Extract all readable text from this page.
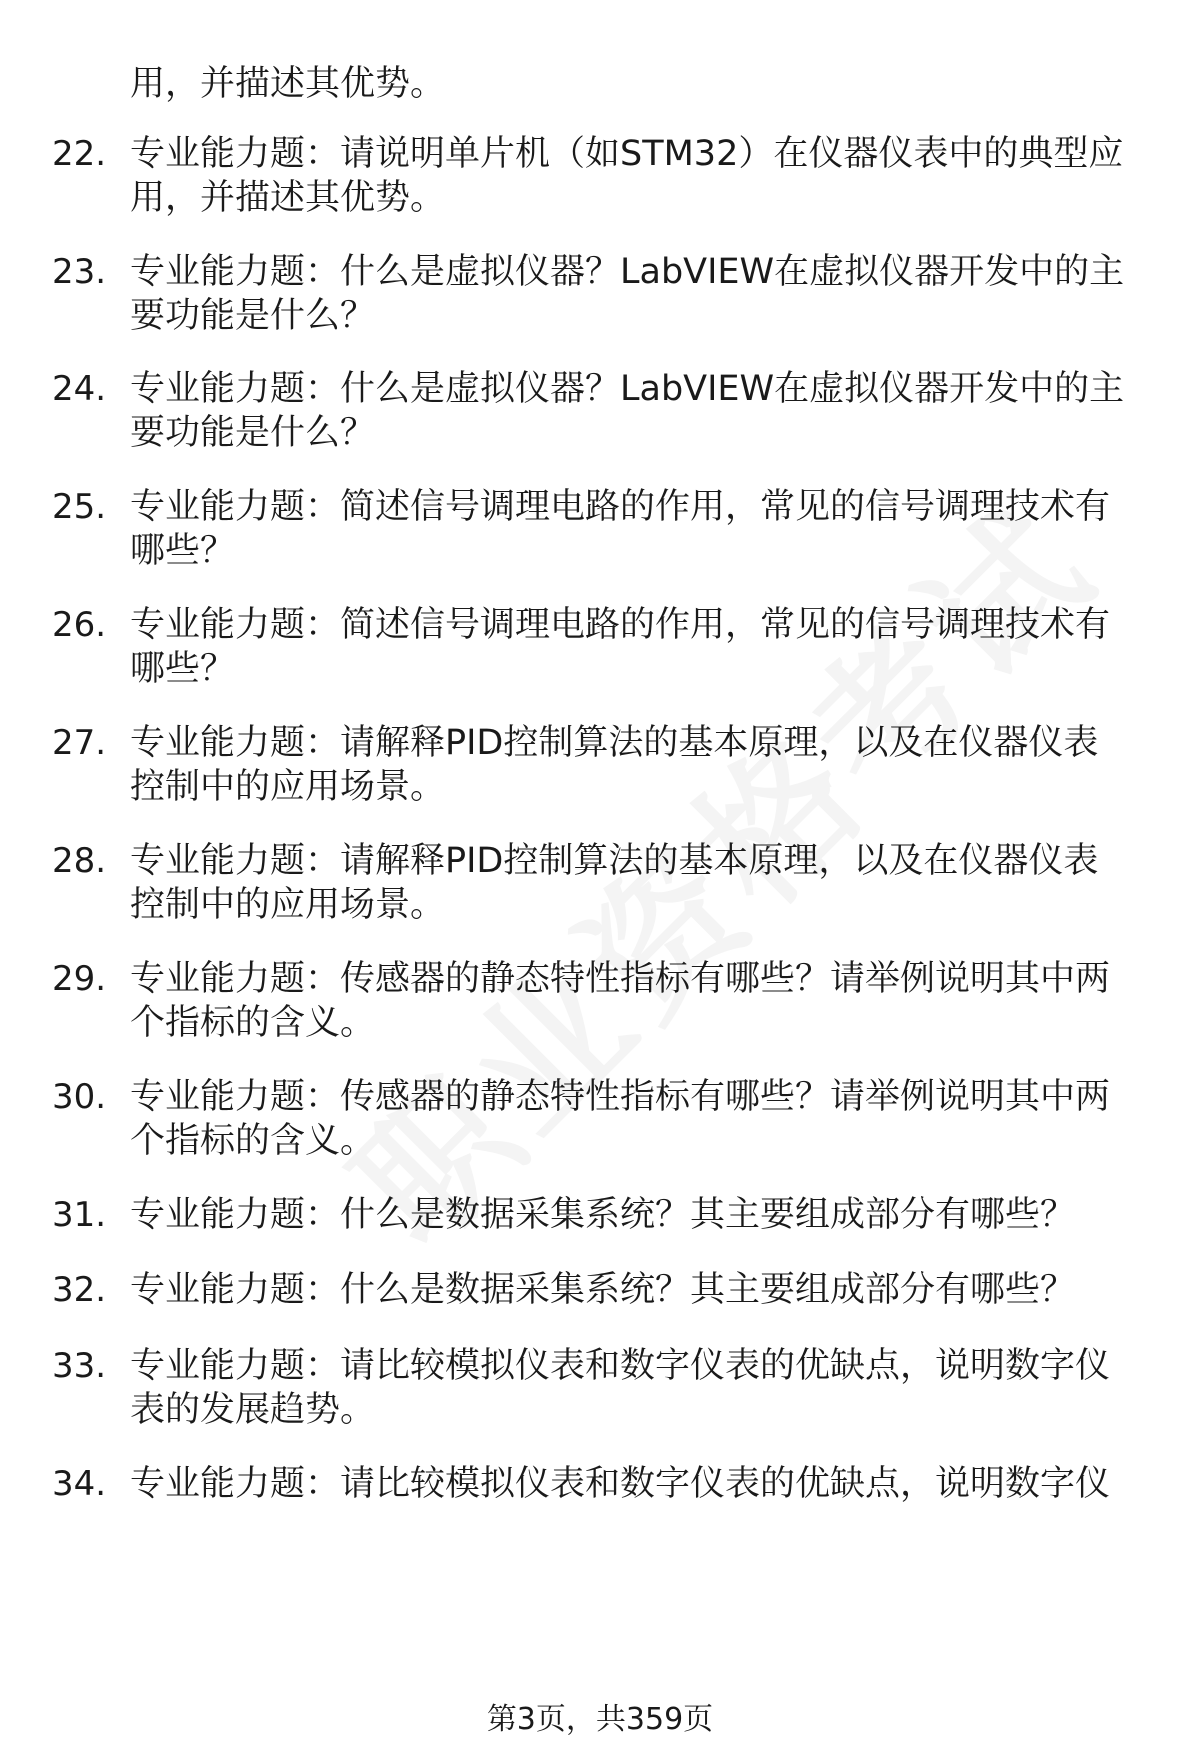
用，并描述其优势。
22. 专业能力题：请说明单片机（如STM32）在仪器仪表中的典型应
用，并描述其优势。
23. 专业能力题：什么是虚拟仪器？LabVIEW在虚拟仪器开发中的主
要功能是什么？
24. 专业能力题：什么是虚拟仪器？LabVIEW在虚拟仪器开发中的主
要功能是什么？
25. 专业能力题：简述信号调理电路的作用，常见的信号调理技术有
哪些？
26. 专业能力题：简述信号调理电路的作用，常见的信号调理技术有
哪些？
27. 专业能力题：请解释PID控制算法的基本原理，以及在仪器仪表
控制中的应用场景。
28. 专业能力题：请解释PID控制算法的基本原理，以及在仪器仪表
控制中的应用场景。
29. 专业能力题：传感器的静态特性指标有哪些？请举例说明其中两
个指标的含义。
30. 专业能力题：传感器的静态特性指标有哪些？请举例说明其中两
个指标的含义。
31. 专业能力题：什么是数据采集系统？其主要组成部分有哪些？
32. 专业能力题：什么是数据采集系统？其主要组成部分有哪些？
33. 专业能力题：请比较模拟仪表和数字仪表的优缺点，说明数字仪
表的发展趋势。
34. 专业能力题：请比较模拟仪表和数字仪表的优缺点，说明数字仪
第3页，共359页
